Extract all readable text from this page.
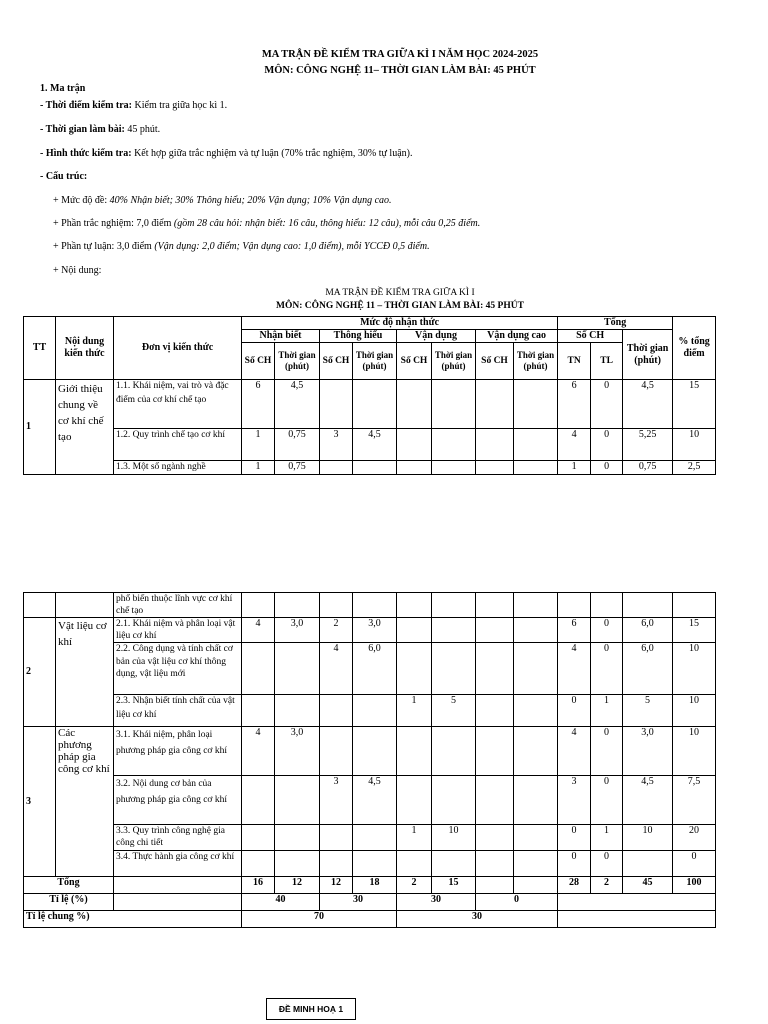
MA TRẬN ĐỀ KIỂM TRA GIỮA KÌ I NĂM HỌC 2024-2025
MÔN: CÔNG NGHỆ 11– THỜI GIAN LÀM BÀI: 45 PHÚT
1. Ma trận
- Thời điểm kiểm tra: Kiểm tra giữa học kì 1.
- Thời gian làm bài: 45 phút.
- Hình thức kiểm tra: Kết hợp giữa trắc nghiệm và tự luận (70% trắc nghiệm, 30% tự luận).
- Cấu trúc:
+ Mức độ đề: 40% Nhận biết; 30% Thông hiểu; 20% Vận dụng; 10% Vận dụng cao.
+ Phần trắc nghiệm: 7,0 điểm (gồm 28 câu hỏi: nhận biết: 16 câu, thông hiểu: 12 câu), mỗi câu 0,25 điểm.
+ Phần tự luận: 3,0 điểm (Vận dụng: 2,0 điểm; Vận dụng cao: 1,0 điểm), mỗi YCCĐ 0,5 điểm.
+ Nội dung:
MA TRẬN ĐỀ KIỂM TRA GIỮA KÌ I
MÔN: CÔNG NGHỆ 11 – THỜI GIAN LÀM BÀI: 45 PHÚT
TT	Nội dung kiến thức	Đơn vị kiến thức	Mức độ nhận thức								Tổng			% tổng điểm
			Nhận biết		Thông hiểu		Vận dụng		Vận dụng cao		Số CH		Thời gian (phút)	
			Số CH	Thời gian (phút)	Số CH	Thời gian (phút)	Số CH	Thời gian (phút)	Số CH	Thời gian (phút)	TN	TL		
1	Giới thiệu chung về cơ khí chế tạo	1.1. Khái niệm, vai trò và đặc điểm của cơ khí chế tạo	6	4,5							6	0	4,5	15
		1.2. Quy trình chế tạo cơ khí	1	0,75	3	4,5					4	0	5,25	10
		1.3. Một số ngành nghề	1	0,75							1	0	0,75	2,5
		phổ biến thuộc lĩnh vực cơ khí chế tạo												
2	Vật liệu cơ khí	2.1. Khái niệm và phân loại vật liệu cơ khí	4	3,0	2	3,0					6	0	6,0	15
		2.2. Công dụng và tính chất cơ bản của vật liệu cơ khí thông dụng, vật liệu mới			4	6,0					4	0	6,0	10
		2.3. Nhận biết tính chất của vật liệu cơ khí					1	5			0	1	5	10
3	Các phương pháp gia công cơ khí	3.1. Khái niệm, phân loại phương pháp gia công cơ khí	4	3,0							4	0	3,0	10
		3.2. Nội dung cơ bản của phương pháp gia công cơ khí			3	4,5					3	0	4,5	7,5
		3.3. Quy trình công nghệ gia công chi tiết					1	10			0	1	10	20
		3.4. Thực hành gia công cơ khí									0	0		0
Tổng			16	12	12	18	2	15			28	2	45	100
Tỉ lệ (%)			40		30		30		0					
Tỉ lệ chung %)			70				30							
ĐỀ MINH HOẠ 1
